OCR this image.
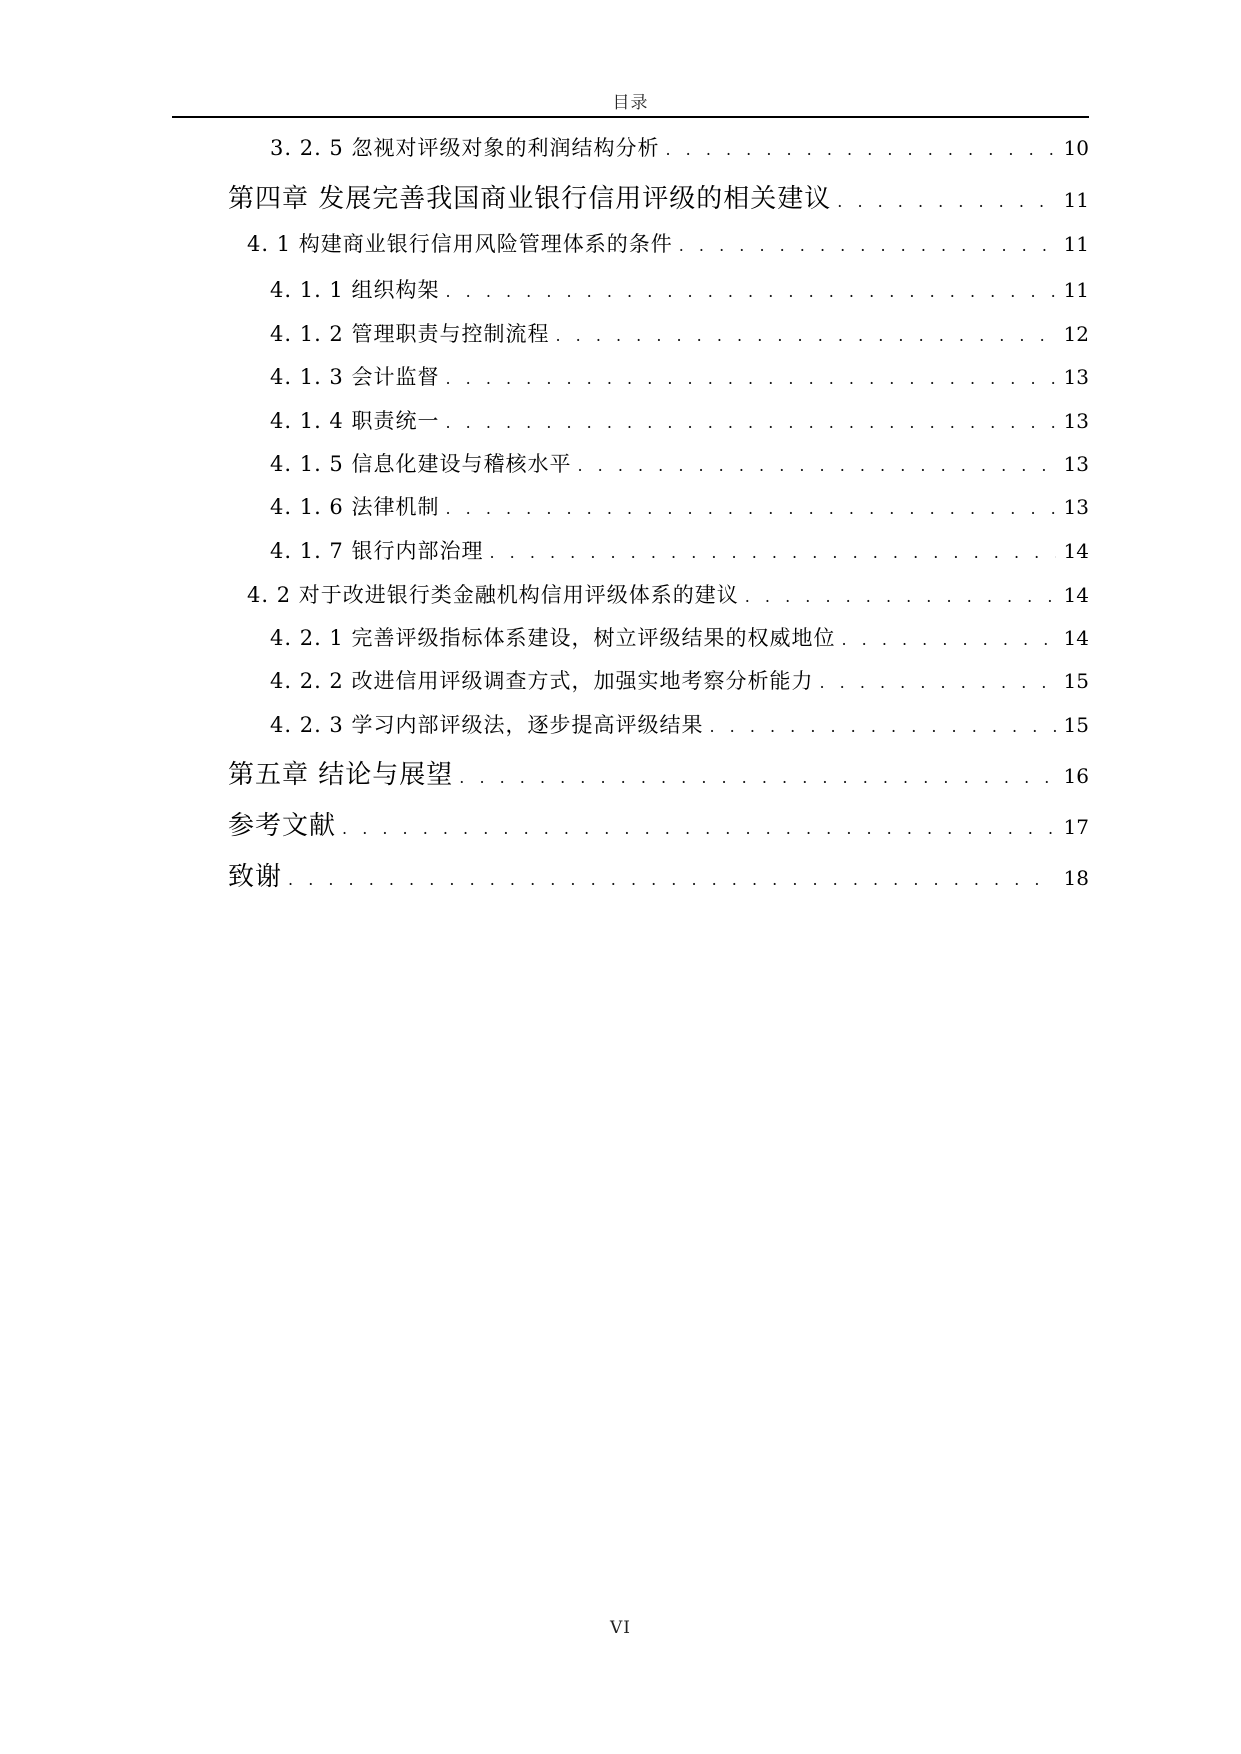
目录
3. 2. 5 忽视对评级对象的利润结构分析 . . .	10
第四章 发展完善我国商业银行信用评级的相关建议 . . .	11
4. 1 构建商业银行信用风险管理体系的条件 . . .	11
4. 1. 1 组织构架 . . .	11
4. 1. 2 管理职责与控制流程 . . .	12
4. 1. 3 会计监督 . . .	13
4. 1. 4 职责统一 . . .	13
4. 1. 5 信息化建设与稽核水平 . . .	13
4. 1. 6 法律机制 . . .	13
4. 1. 7 银行内部治理 . . .	14
4. 2 对于改进银行类金融机构信用评级体系的建议 . . .	14
4. 2. 1 完善评级指标体系建设，树立评级结果的权威地位 . . .	14
4. 2. 2 改进信用评级调查方式，加强实地考察分析能力 . . .	15
4. 2. 3 学习内部评级法，逐步提高评级结果 . . .	15
第五章 结论与展望 . . .	16
参考文献 . . .	17
致谢 . . .	18
VI
